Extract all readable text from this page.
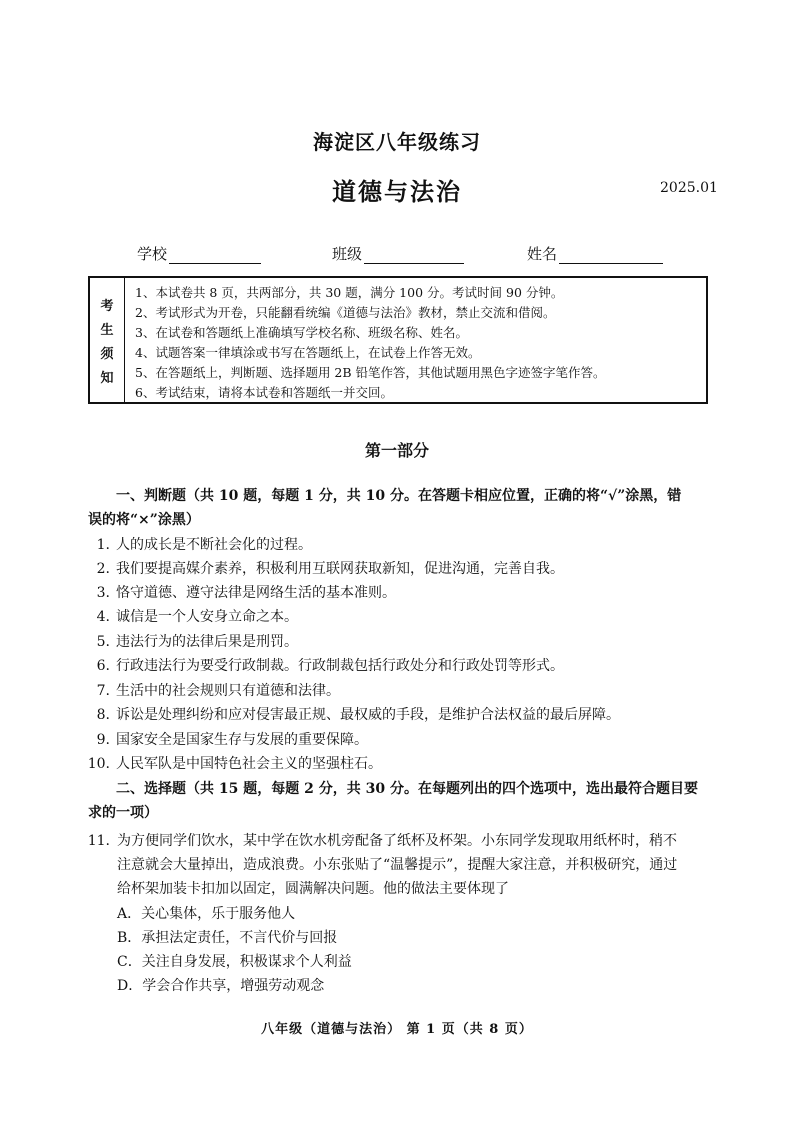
海淀区八年级练习
道德与法治	2025.01
学校	班级	姓名
考
生
须
知
1、本试卷共 8 页，共两部分，共 30 题，满分 100 分。考试时间 90 分钟。
2、考试形式为开卷，只能翻看统编《道德与法治》教材，禁止交流和借阅。
3、在试卷和答题纸上准确填写学校名称、班级名称、姓名。
4、试题答案一律填涂或书写在答题纸上，在试卷上作答无效。
5、在答题纸上，判断题、选择题用 2B 铅笔作答，其他试题用黑色字迹签字笔作答。
6、考试结束，请将本试卷和答题纸一并交回。
第一部分
一、判断题（共 10 题，每题 1 分，共 10 分。在答题卡相应位置，正确的将“√”涂黑，错
误的将“×”涂黑）
1. 人的成长是不断社会化的过程。
2. 我们要提高媒介素养，积极利用互联网获取新知，促进沟通，完善自我。
3. 恪守道德、遵守法律是网络生活的基本准则。
4. 诚信是一个人安身立命之本。
5. 违法行为的法律后果是刑罚。
6. 行政违法行为要受行政制裁。行政制裁包括行政处分和行政处罚等形式。
7. 生活中的社会规则只有道德和法律。
8. 诉讼是处理纠纷和应对侵害最正规、最权威的手段，是维护合法权益的最后屏障。
9. 国家安全是国家生存与发展的重要保障。
10. 人民军队是中国特色社会主义的坚强柱石。
二、选择题（共 15 题，每题 2 分，共 30 分。在每题列出的四个选项中，选出最符合题目要
求的一项）
11. 为方便同学们饮水，某中学在饮水机旁配备了纸杯及杯架。小东同学发现取用纸杯时，稍不
注意就会大量掉出，造成浪费。小东张贴了“温馨提示”，提醒大家注意，并积极研究，通过
给杯架加装卡扣加以固定，圆满解决问题。他的做法主要体现了
A．关心集体，乐于服务他人
B．承担法定责任，不言代价与回报
C．关注自身发展，积极谋求个人利益
D．学会合作共享，增强劳动观念
八年级（道德与法治） 第 1 页（共 8 页）
